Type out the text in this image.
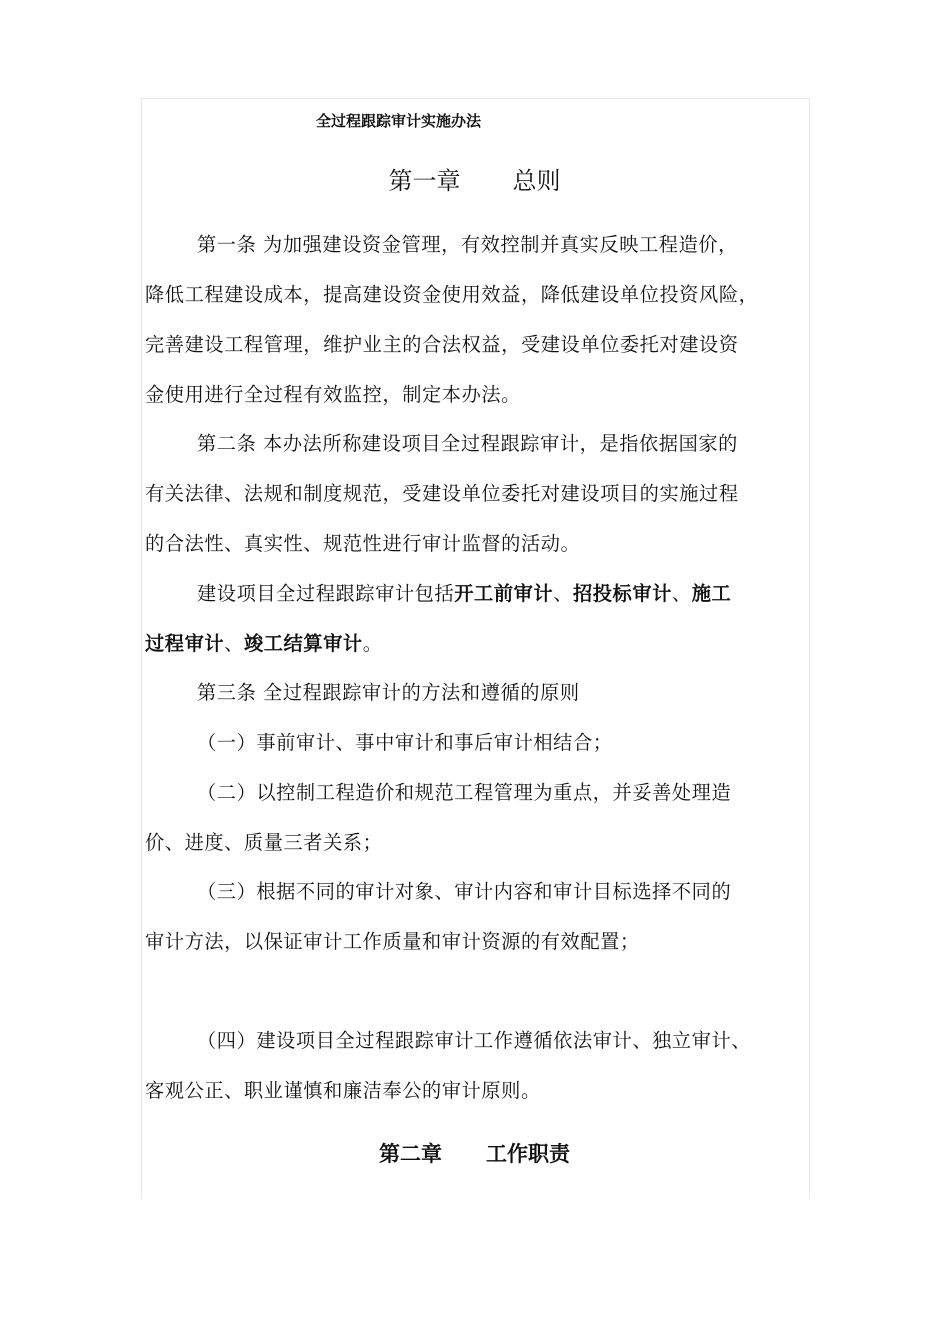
全过程跟踪审计实施办法
第一章 总则
第一条 为加强建设资金管理，有效控制并真实反映工程造价，
降低工程建设成本，提高建设资金使用效益，降低建设单位投资风险，
完善建设工程管理，维护业主的合法权益，受建设单位委托对建设资
金使用进行全过程有效监控，制定本办法。
第二条 本办法所称建设项目全过程跟踪审计，是指依据国家的
有关法律、法规和制度规范，受建设单位委托对建设项目的实施过程
的合法性、真实性、规范性进行审计监督的活动。
建设项目全过程跟踪审计包括开工前审计、招投标审计、施工
过程审计、竣工结算审计。
第三条 全过程跟踪审计的方法和遵循的原则
（一）事前审计、事中审计和事后审计相结合；
（二）以控制工程造价和规范工程管理为重点，并妥善处理造
价、进度、质量三者关系；
（三）根据不同的审计对象、审计内容和审计目标选择不同的
审计方法，以保证审计工作质量和审计资源的有效配置；
（四）建设项目全过程跟踪审计工作遵循依法审计、独立审计、
客观公正、职业谨慎和廉洁奉公的审计原则。
第二章 工作职责
